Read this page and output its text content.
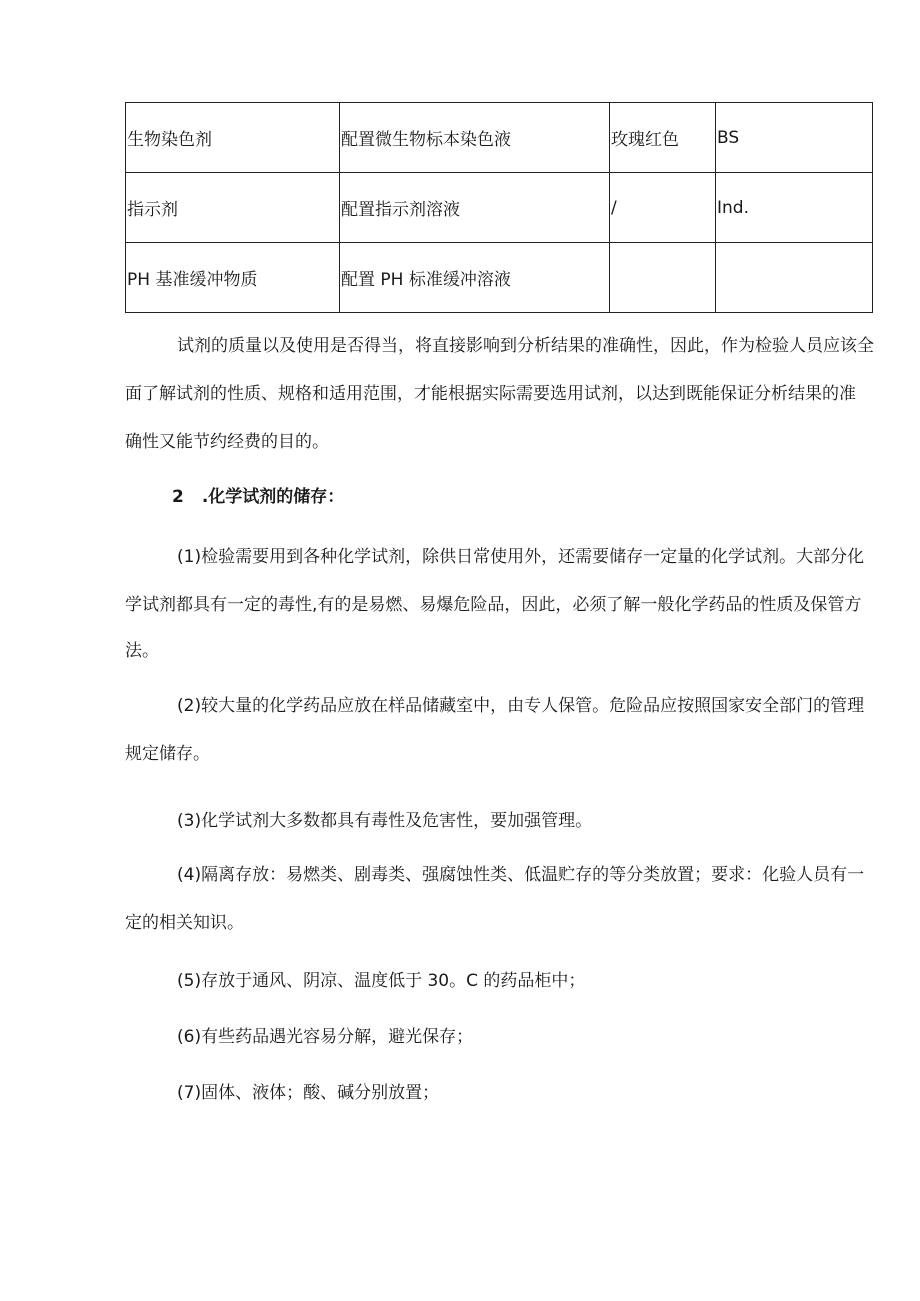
生物染色剂	配置微生物标本染色液	玫瑰红色	BS
指示剂	配置指示剂溶液	/	Ind.
PH 基准缓冲物质	配置 PH 标准缓冲溶液		
试剂的质量以及使用是否得当，将直接影响到分析结果的准确性，因此，作为检验人员应该全
面了解试剂的性质、规格和适用范围，才能根据实际需要选用试剂，以达到既能保证分析结果的准
确性又能节约经费的目的。
2 .化学试剂的储存：
(1)检验需要用到各种化学试剂，除供日常使用外，还需要储存一定量的化学试剂。大部分化
学试剂都具有一定的毒性,有的是易燃、易爆危险品，因此，必须了解一般化学药品的性质及保管方
法。
(2)较大量的化学药品应放在样品储藏室中，由专人保管。危险品应按照国家安全部门的管理
规定储存。
(3)化学试剂大多数都具有毒性及危害性，要加强管理。
(4)隔离存放：易燃类、剧毒类、强腐蚀性类、低温贮存的等分类放置；要求：化验人员有一
定的相关知识。
(5)存放于通风、阴凉、温度低于 30。C 的药品柜中；
(6)有些药品遇光容易分解，避光保存；
(7)固体、液体；酸、碱分别放置；
